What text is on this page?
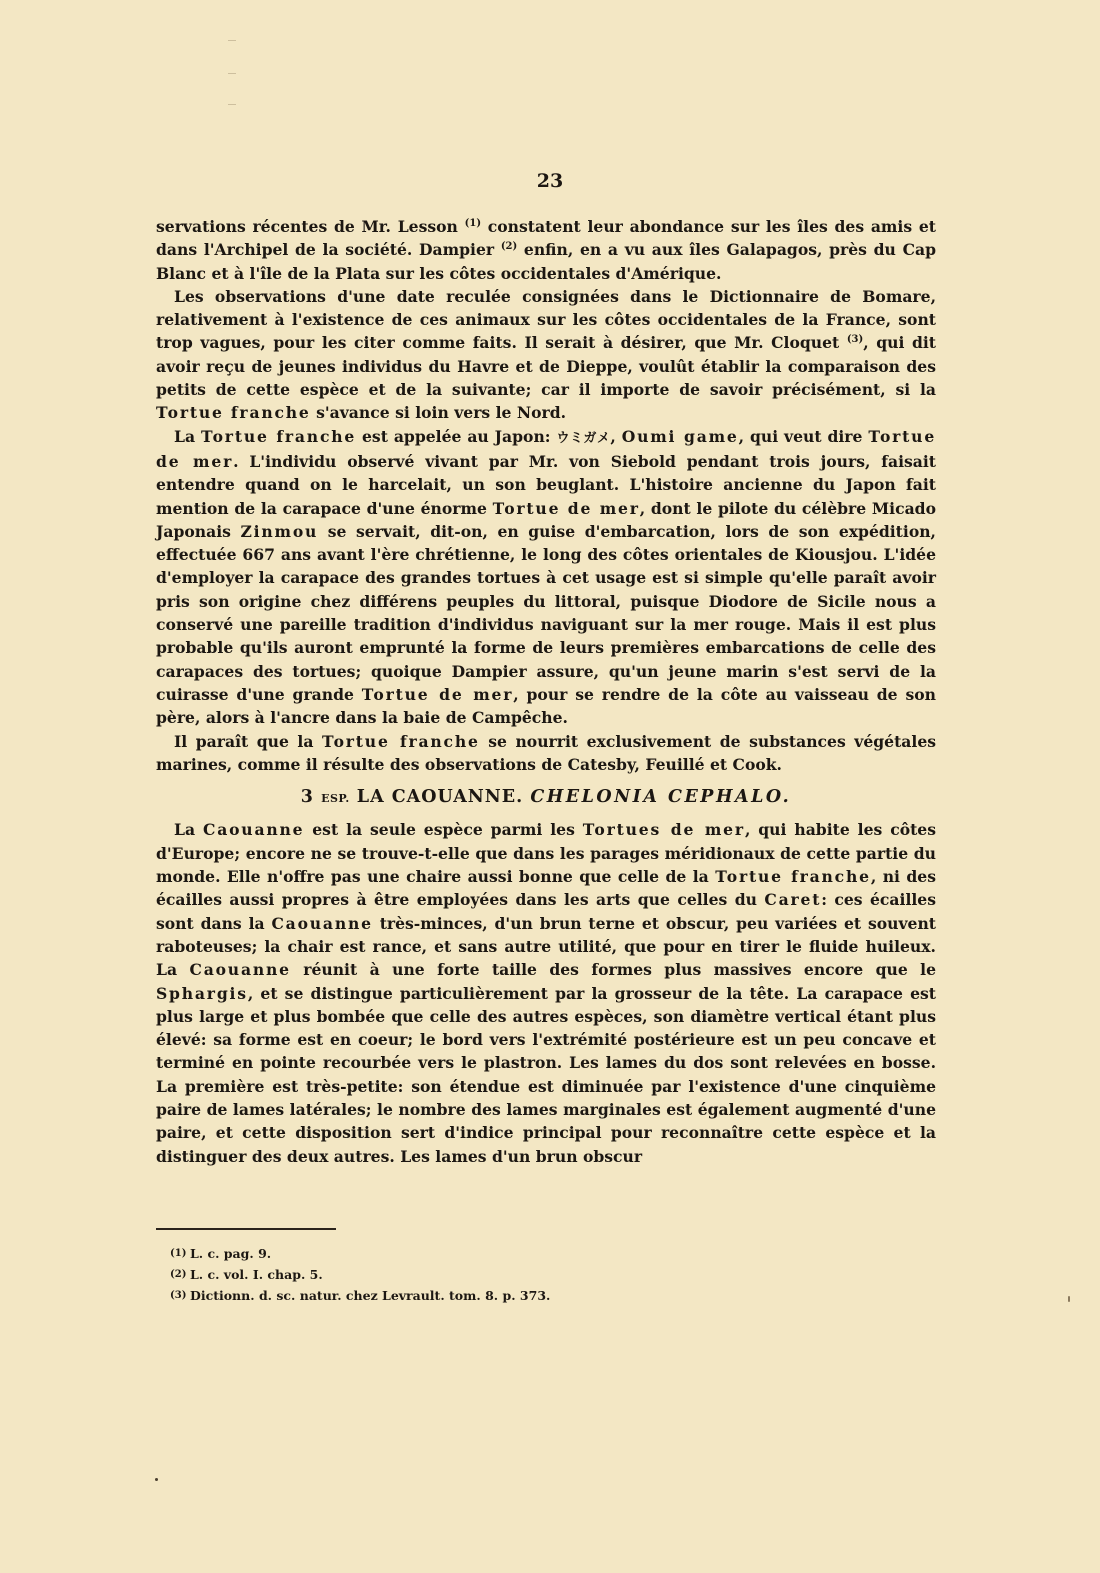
23

servations récentes de Mr. Lesson $^{(1)}$ constatent leur abondance sur les îles des amis et dans l'Archipel de la société. Dampier $^{(2)}$ enfin, en a vu aux îles Galapagos, près du Cap Blanc et à l'île de la Plata sur les côtes occidentales d'Amérique.

Les observations d'une date reculée consignées dans le Dictionnaire de Bomare, relativement à l'existence de ces animaux sur les côtes occidentales de la France, sont trop vagues, pour les citer comme faits. Il serait à désirer, que Mr. Cloquet $^{(3)}$, qui dit avoir reçu de jeunes individus du Havre et de Dieppe, voulût établir la comparaison des petits de cette espèce et de la suivante; car il importe de savoir précisément, si la Tortue franche s'avance si loin vers le Nord.

La Tortue franche est appelée au Japon: ウミガメ, Oumi game, qui veut dire Tortue de mer. L'individu observé vivant par Mr. von Siebold pendant trois jours, faisait entendre quand on le harcelait, un son beuglant. L'histoire ancienne du Japon fait mention de la carapace d'une énorme Tortue de mer, dont le pilote du célèbre Micado Japonais Zinmou se servait, dit-on, en guise d'embarcation, lors de son expédition, effectuée 667 ans avant l'ère chrétienne, le long des côtes orientales de Kiousjou. L'idée d'employer la carapace des grandes tortues à cet usage est si simple qu'elle paraît avoir pris son origine chez différens peuples du littoral, puisque Diodore de Sicile nous a conservé une pareille tradition d'individus naviguant sur la mer rouge. Mais il est plus probable qu'ils auront emprunté la forme de leurs premières embarcations de celle des carapaces des tortues; quoique Dampier assure, qu'un jeune marin s'est servi de la cuirasse d'une grande Tortue de mer, pour se rendre de la côte au vaisseau de son père, alors à l'ancre dans la baie de Campêche.

Il paraît que la Tortue franche se nourrit exclusivement de substances végétales marines, comme il résulte des observations de Catesby, Feuillé et Cook.

3 ESP. LA CAOUANNE. CHELONIA CEPHALO.

La Caouanne est la seule espèce parmi les Tortues de mer, qui habite les côtes d'Europe; encore ne se trouve-t-elle que dans les parages méridionaux de cette partie du monde. Elle n'offre pas une chaire aussi bonne que celle de la Tortue franche, ni des écailles aussi propres à être employées dans les arts que celles du Caret: ces écailles sont dans la Caouanne très-minces, d'un brun terne et obscur, peu variées et souvent raboteuses; la chair est rance, et sans autre utilité, que pour en tirer le fluide huileux. La Caouanne réunit à une forte taille des formes plus massives encore que le Sphargis, et se distingue particulièrement par la grosseur de la tête. La carapace est plus large et plus bombée que celle des autres espèces, son diamètre vertical étant plus élevé: sa forme est en coeur; le bord vers l'extrémité postérieure est un peu concave et terminé en pointe recourbée vers le plastron. Les lames du dos sont relevées en bosse. La première est très-petite: son étendue est diminuée par l'existence d'une cinquième paire de lames latérales; le nombre des lames marginales est également augmenté d'une paire, et cette disposition sert d'indice principal pour reconnaître cette espèce et la distinguer des deux autres. Les lames d'un brun obscur

(1) L. c. pag. 9.
(2) L. c. vol. I. chap. 5.
(3) Dictionn. d. sc. natur. chez Levrault. tom. 8. p. 373.
